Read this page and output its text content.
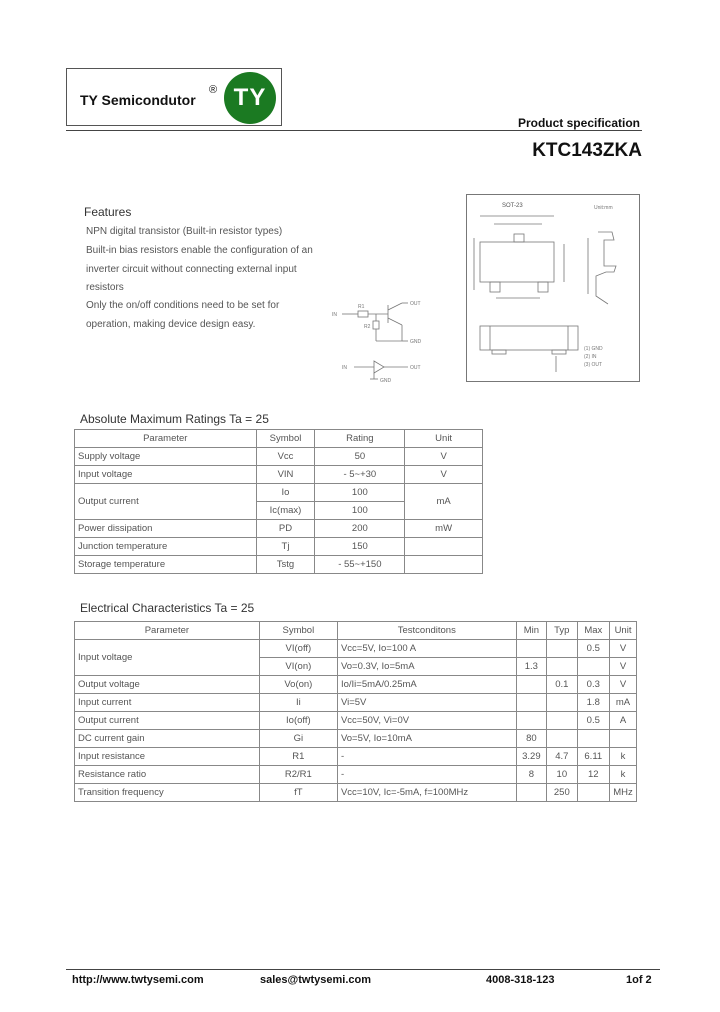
TY Semicondutor
® TY
Product specification
KTC143ZKA
Features
NPN digital transistor (Built-in resistor types)
Built-in bias resistors enable the configuration of an
inverter circuit without connecting external input
resistors
Only the on/off conditions need to be set for
operation, making device design easy.
IN
OUT
GND
R1
R2
IN	OUT
GND
SOT-23	Unit:mm
(1) GND
(2) IN
(3) OUT
Absolute Maximum Ratings Ta = 25
Parameter	Symbol	Rating	Unit
Supply voltage	Vcc	50	V
Input voltage	VIN	- 5~+30	V
Output current	Io	100	mA
	Ic(max)	100	
Power dissipation	PD	200	mW
Junction temperature	Tj	150	
Storage temperature	Tstg	- 55~+150	
Electrical Characteristics Ta = 25
Parameter	Symbol	Testconditons	Min	Typ	Max	Unit
Input voltage	VI(off)	Vcc=5V, Io=100 A			0.5	V
	VI(on)	Vo=0.3V, Io=5mA	1.3			V
Output voltage	Vo(on)	Io/Ii=5mA/0.25mA		0.1	0.3	V
Input current	Ii	Vi=5V			1.8	mA
Output current	Io(off)	Vcc=50V, Vi=0V			0.5	A
DC current gain	Gi	Vo=5V, Io=10mA	80			
Input resistance	R1	-	3.29	4.7	6.11	k
Resistance ratio	R2/R1	-	8	10	12	k
Transition frequency	fT	Vcc=10V, Ic=-5mA, f=100MHz		250		MHz
http://www.twtysemi.com	sales@twtysemi.com	4008-318-123	1of 2
